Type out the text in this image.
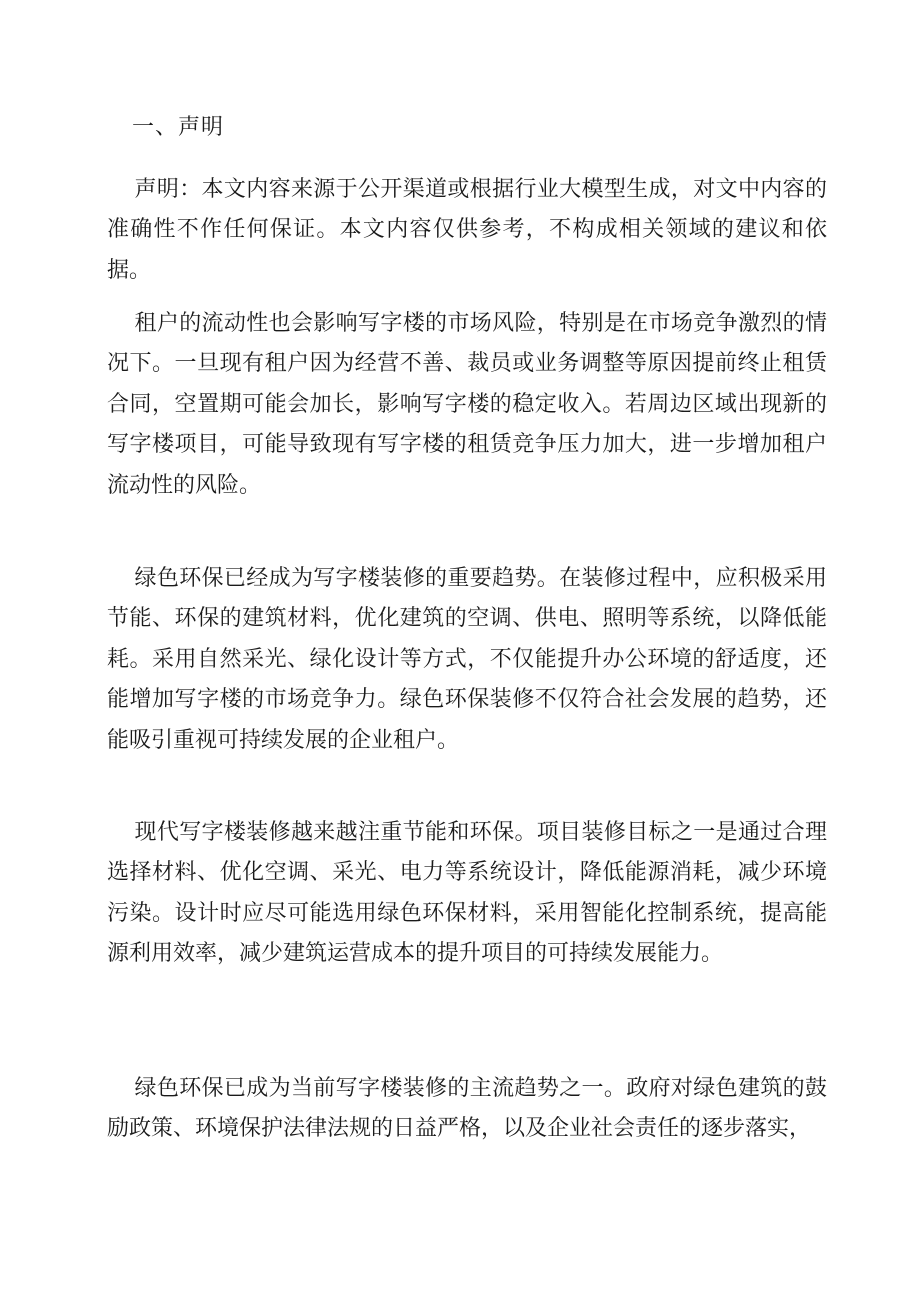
一、声明

声明：本文内容来源于公开渠道或根据行业大模型生成，对文中内容的准确性不作任何保证。本文内容仅供参考，不构成相关领域的建议和依据。

租户的流动性也会影响写字楼的市场风险，特别是在市场竞争激烈的情况下。一旦现有租户因为经营不善、裁员或业务调整等原因提前终止租赁合同，空置期可能会加长，影响写字楼的稳定收入。若周边区域出现新的写字楼项目，可能导致现有写字楼的租赁竞争压力加大，进一步增加租户流动性的风险。

绿色环保已经成为写字楼装修的重要趋势。在装修过程中，应积极采用节能、环保的建筑材料，优化建筑的空调、供电、照明等系统，以降低能耗。采用自然采光、绿化设计等方式，不仅能提升办公环境的舒适度，还能增加写字楼的市场竞争力。绿色环保装修不仅符合社会发展的趋势，还能吸引重视可持续发展的企业租户。

现代写字楼装修越来越注重节能和环保。项目装修目标之一是通过合理选择材料、优化空调、采光、电力等系统设计，降低能源消耗，减少环境污染。设计时应尽可能选用绿色环保材料，采用智能化控制系统，提高能源利用效率，减少建筑运营成本的提升项目的可持续发展能力。

绿色环保已成为当前写字楼装修的主流趋势之一。政府对绿色建筑的鼓励政策、环境保护法律法规的日益严格，以及企业社会责任的逐步落实，
